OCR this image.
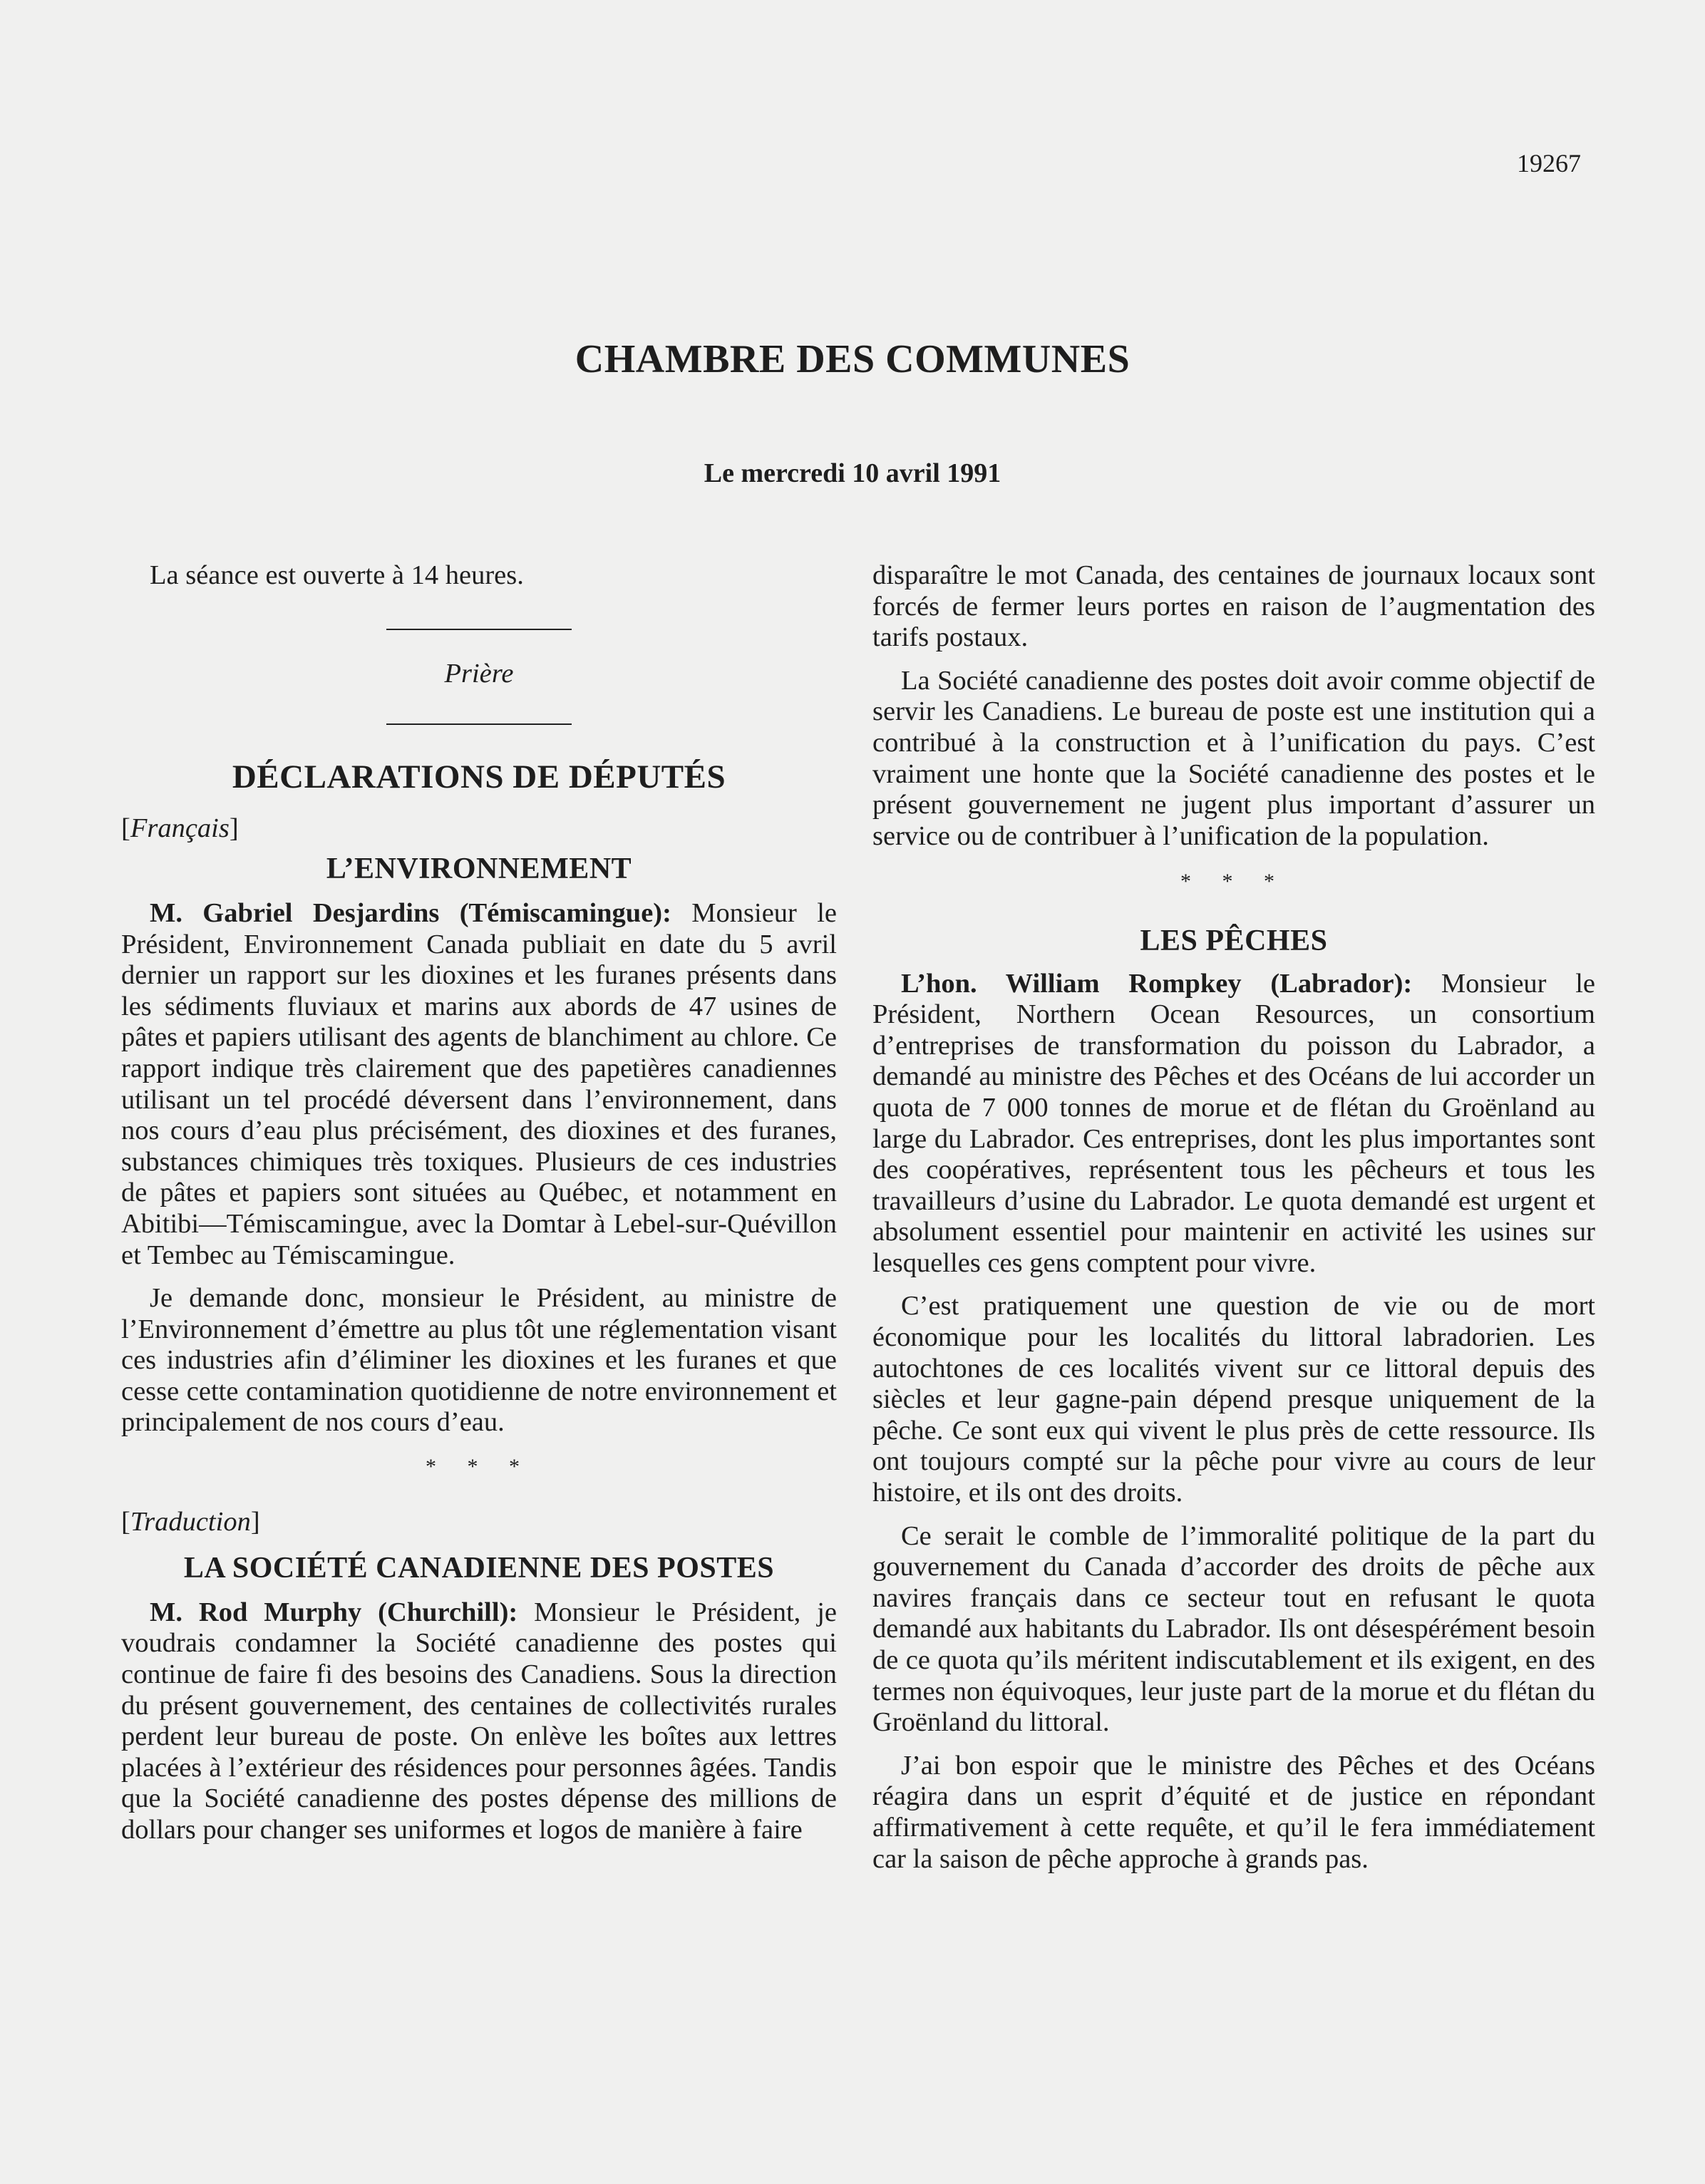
19267
CHAMBRE DES COMMUNES
Le mercredi 10 avril 1991

La séance est ouverte à 14 heures.

Prière
DÉCLARATIONS DE DÉPUTÉS
[Français]
L’ENVIRONNEMENT

M. Gabriel Desjardins (Témiscamingue): Monsieur le Président, Environnement Canada publiait en date du 5 avril dernier un rapport sur les dioxines et les furanes présents dans les sédiments fluviaux et marins aux abords de 47 usines de pâtes et papiers utilisant des agents de blanchiment au chlore. Ce rapport indique très clairement que des papetières canadiennes utilisant un tel procédé déversent dans l’environnement, dans nos cours d’eau plus précisément, des dioxines et des furanes, substances chimiques très toxiques. Plusieurs de ces industries de pâtes et papiers sont situées au Québec, et notamment en Abitibi—Témiscamingue, avec la Domtar à Lebel-sur-Quévillon et Tembec au Témiscamingue.

Je demande donc, monsieur le Président, au ministre de l’Environnement d’émettre au plus tôt une réglementation visant ces industries afin d’éliminer les dioxines et les furanes et que cesse cette contamination quotidienne de notre environnement et principalement de nos cours d’eau.

* * *
[Traduction]
LA SOCIÉTÉ CANADIENNE DES POSTES

M. Rod Murphy (Churchill): Monsieur le Président, je voudrais condamner la Société canadienne des postes qui continue de faire fi des besoins des Canadiens. Sous la direction du présent gouvernement, des centaines de collectivités rurales perdent leur bureau de poste. On enlève les boîtes aux lettres placées à l’extérieur des résidences pour personnes âgées. Tandis que la Société canadienne des postes dépense des millions de dollars pour changer ses uniformes et logos de manière à faire

disparaître le mot Canada, des centaines de journaux locaux sont forcés de fermer leurs portes en raison de l’augmentation des tarifs postaux.

La Société canadienne des postes doit avoir comme objectif de servir les Canadiens. Le bureau de poste est une institution qui a contribué à la construction et à l’unification du pays. C’est vraiment une honte que la Société canadienne des postes et le présent gouvernement ne jugent plus important d’assurer un service ou de contribuer à l’unification de la population.

* * *
LES PÊCHES

L’hon. William Rompkey (Labrador): Monsieur le Président, Northern Ocean Resources, un consortium d’entreprises de transformation du poisson du Labrador, a demandé au ministre des Pêches et des Océans de lui accorder un quota de 7 000 tonnes de morue et de flétan du Groënland au large du Labrador. Ces entreprises, dont les plus importantes sont des coopératives, représentent tous les pêcheurs et tous les travailleurs d’usine du Labrador. Le quota demandé est urgent et absolument essentiel pour maintenir en activité les usines sur lesquelles ces gens comptent pour vivre.

C’est pratiquement une question de vie ou de mort économique pour les localités du littoral labradorien. Les autochtones de ces localités vivent sur ce littoral depuis des siècles et leur gagne-pain dépend presque uniquement de la pêche. Ce sont eux qui vivent le plus près de cette ressource. Ils ont toujours compté sur la pêche pour vivre au cours de leur histoire, et ils ont des droits.

Ce serait le comble de l’immoralité politique de la part du gouvernement du Canada d’accorder des droits de pêche aux navires français dans ce secteur tout en refusant le quota demandé aux habitants du Labrador. Ils ont désespérément besoin de ce quota qu’ils méritent indiscutablement et ils exigent, en des termes non équivoques, leur juste part de la morue et du flétan du Groënland du littoral.

J’ai bon espoir que le ministre des Pêches et des Océans réagira dans un esprit d’équité et de justice en répondant affirmativement à cette requête, et qu’il le fera immédiatement car la saison de pêche approche à grands pas.
